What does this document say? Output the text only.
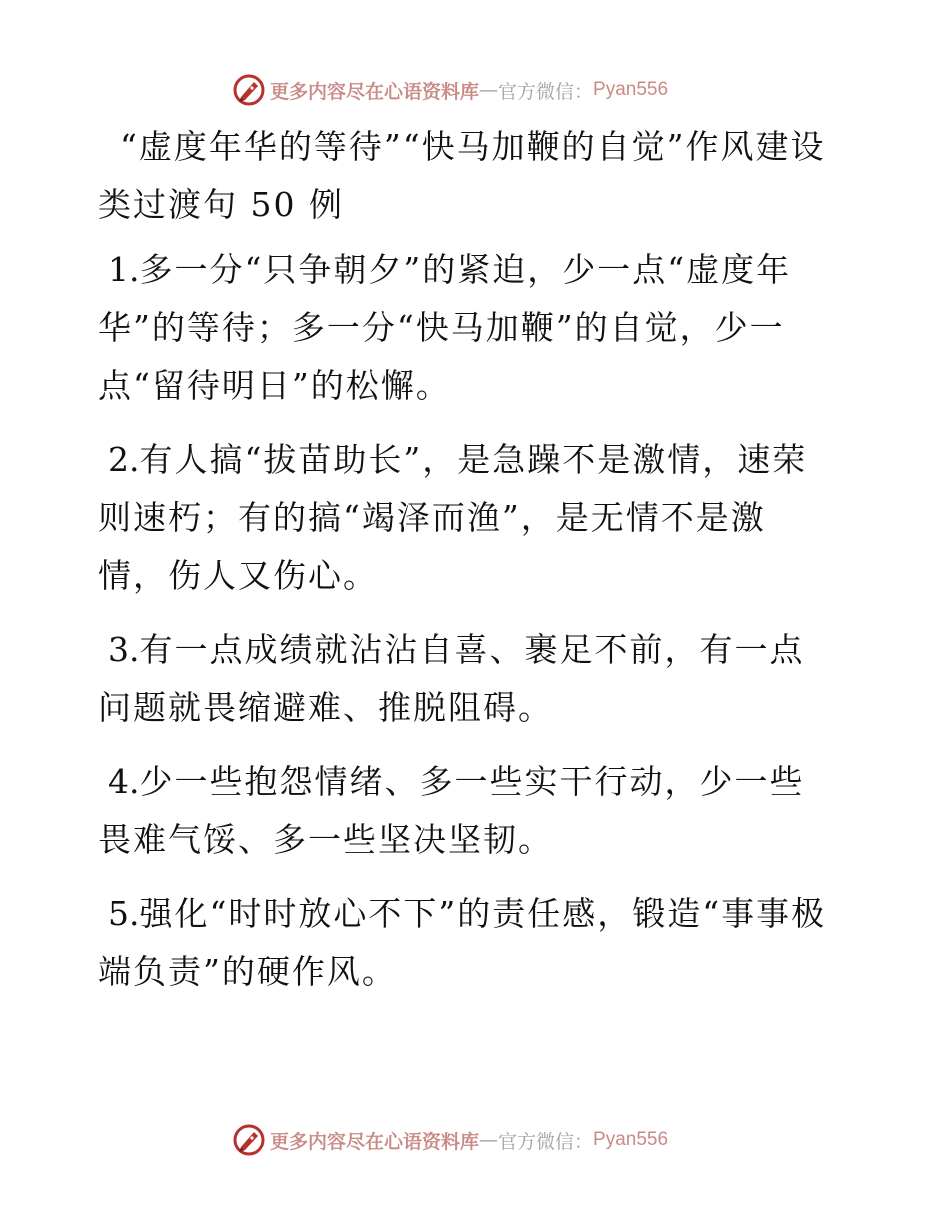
更多内容尽在心语资料库 — 官方微信： Pyan556

“虚度年华的等待”“快马加鞭的自觉”作风建设类过渡句 50 例

1.多一分“只争朝夕”的紧迫，少一点“虚度年华”的等待；多一分“快马加鞭”的自觉，少一点“留待明日”的松懈。

2.有人搞“拔苗助长”，是急躁不是激情，速荣则速朽；有的搞“竭泽而渔”，是无情不是激情，伤人又伤心。

3.有一点成绩就沾沾自喜、裹足不前，有一点问题就畏缩避难、推脱阻碍。

4.少一些抱怨情绪、多一些实干行动，少一些畏难气馁、多一些坚决坚韧。

5.强化“时时放心不下”的责任感，锻造“事事极端负责”的硬作风。

更多内容尽在心语资料库 — 官方微信： Pyan556
